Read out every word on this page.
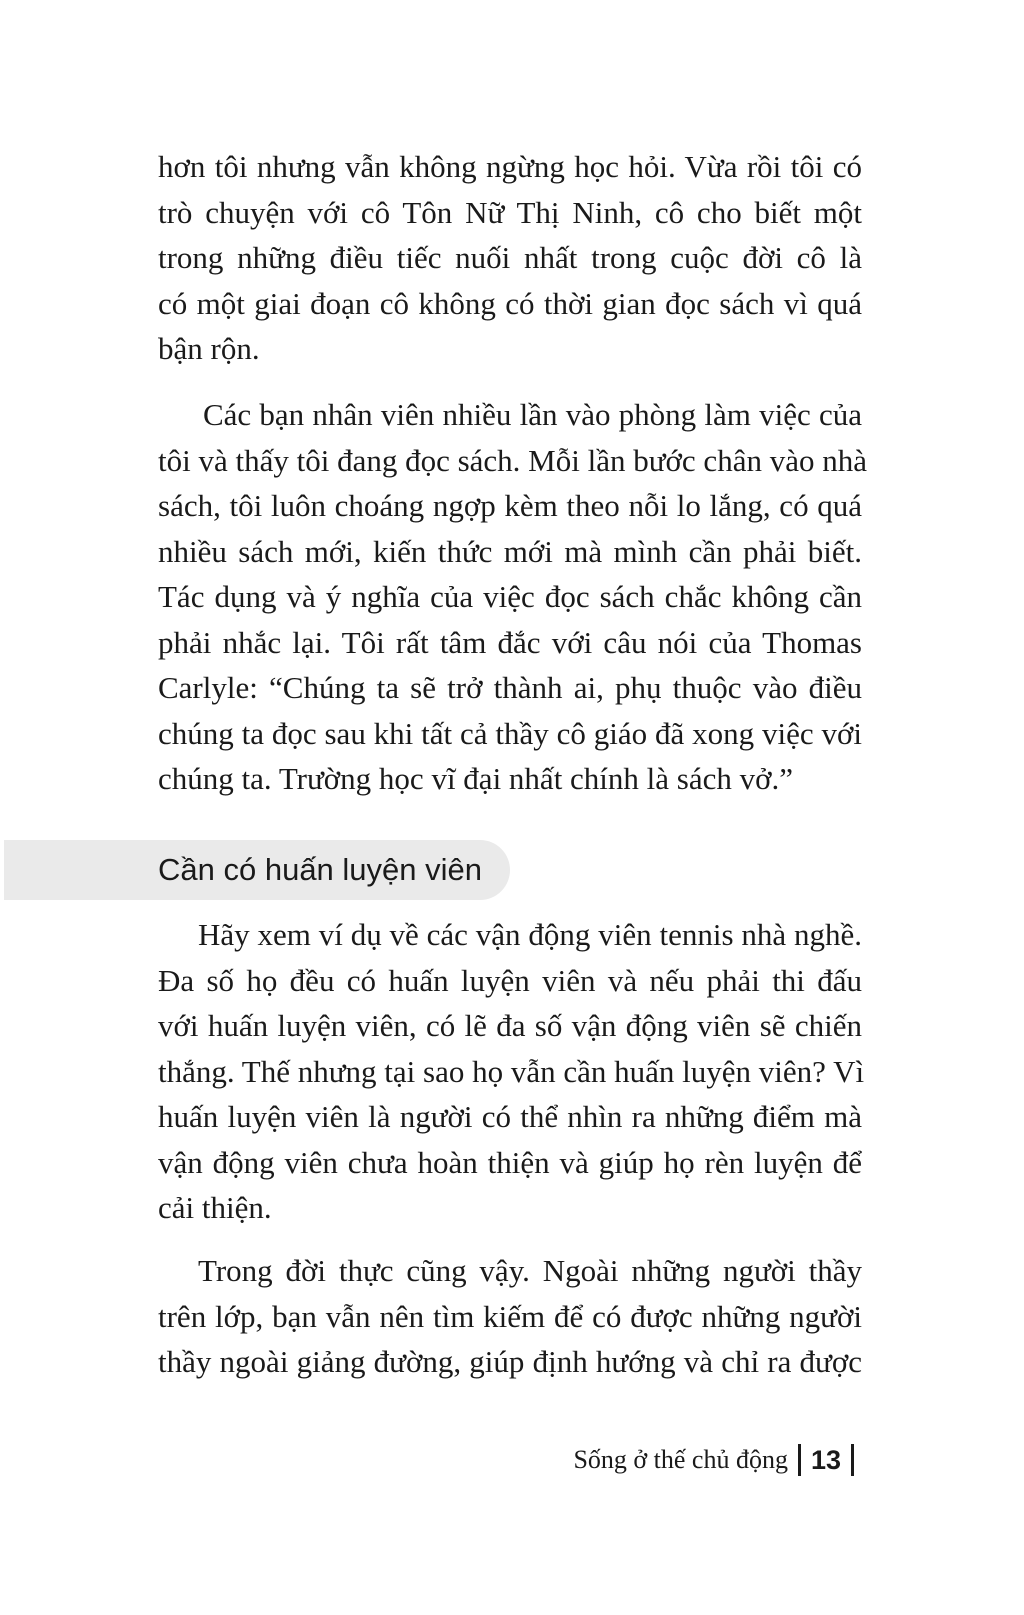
hơn tôi nhưng vẫn không ngừng học hỏi. Vừa rồi tôi có
trò chuyện với cô Tôn Nữ Thị Ninh, cô cho biết một
trong những điều tiếc nuối nhất trong cuộc đời cô là
có một giai đoạn cô không có thời gian đọc sách vì quá
bận rộn.
Các bạn nhân viên nhiều lần vào phòng làm việc của
tôi và thấy tôi đang đọc sách. Mỗi lần bước chân vào nhà
sách, tôi luôn choáng ngợp kèm theo nỗi lo lắng, có quá
nhiều sách mới, kiến thức mới mà mình cần phải biết.
Tác dụng và ý nghĩa của việc đọc sách chắc không cần
phải nhắc lại. Tôi rất tâm đắc với câu nói của Thomas
Carlyle: “Chúng ta sẽ trở thành ai, phụ thuộc vào điều
chúng ta đọc sau khi tất cả thầy cô giáo đã xong việc với
chúng ta. Trường học vĩ đại nhất chính là sách vở.”
Cần có huấn luyện viên
Hãy xem ví dụ về các vận động viên tennis nhà nghề.
Đa số họ đều có huấn luyện viên và nếu phải thi đấu
với huấn luyện viên, có lẽ đa số vận động viên sẽ chiến
thắng. Thế nhưng tại sao họ vẫn cần huấn luyện viên? Vì
huấn luyện viên là người có thể nhìn ra những điểm mà
vận động viên chưa hoàn thiện và giúp họ rèn luyện để
cải thiện.
Trong đời thực cũng vậy. Ngoài những người thầy
trên lớp, bạn vẫn nên tìm kiếm để có được những người
thầy ngoài giảng đường, giúp định hướng và chỉ ra được
Sống ở thế chủ động 13
